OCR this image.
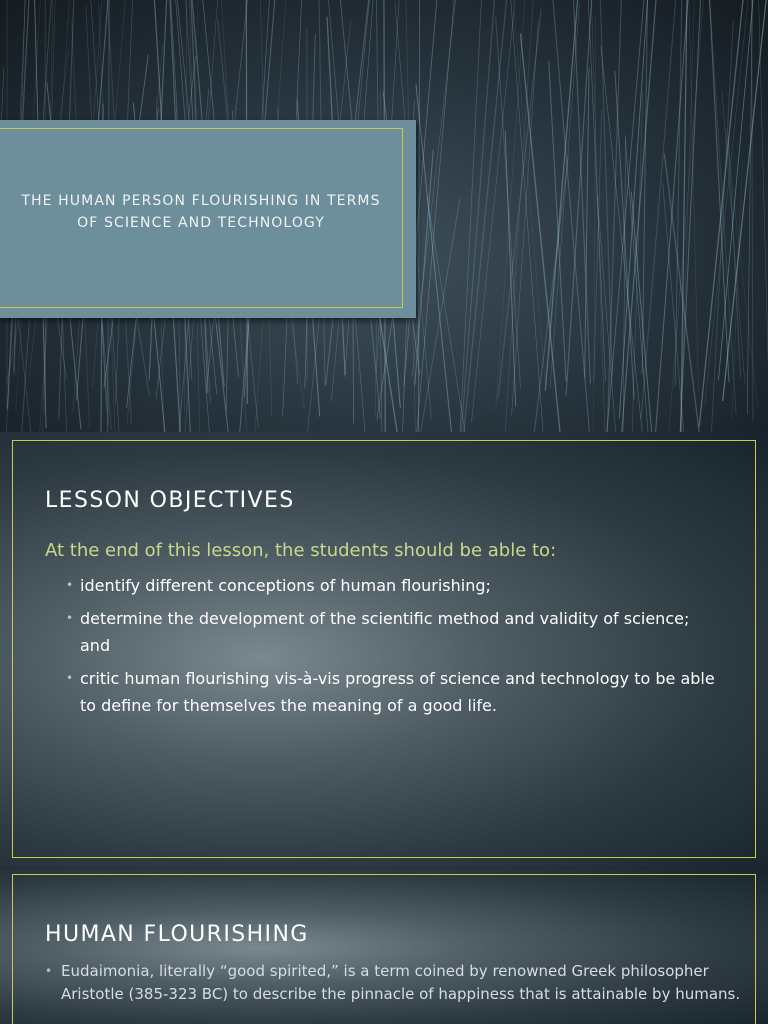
THE HUMAN PERSON FLOURISHING IN TERMS OF SCIENCE AND TECHNOLOGY
LESSON OBJECTIVES
At the end of this lesson, the students should be able to:
• identify different conceptions of human flourishing;
• determine the development of the scientific method and validity of science; and
• critic human flourishing vis-à-vis progress of science and technology to be able to define for themselves the meaning of a good life.
HUMAN FLOURISHING
• Eudaimonia, literally “good spirited,” is a term coined by renowned Greek philosopher Aristotle (385-323 BC) to describe the pinnacle of happiness that is attainable by humans.
